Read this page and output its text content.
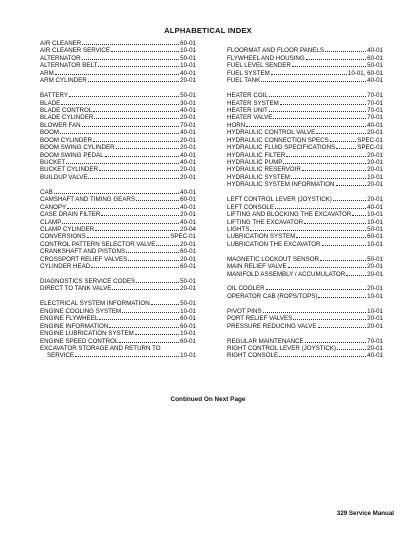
ALPHABETICAL INDEX
AIR CLEANER	60-01
AIR CLEANER SERVICE	10-01
ALTERNATOR	50-01
ALTERNATOR BELT	10-01
ARM	40-01
ARM CYLINDER	20-01
BATTERY	50-01
BLADE	30-01
BLADE CONTROL	40-01
BLADE CYLINDER	20-01
BLOWER FAN	70-01
BOOM	40-01
BOOM CYLINDER	20-01
BOOM SWING CYLINDER	20-01
BOOM SWING PEDAL	40-01
BUCKET	40-01
BUCKET CYLINDER	20-01
BUILDUP VALVE	20-01
CAB	40-01
CAMSHAFT AND TIMING GEARS	60-01
CANOPY	40-01
CASE DRAIN FILTER	20-01
CLAMP	40-01
CLAMP CYLINDER	20-04
CONVERSIONS	SPEC-01
CONTROL PATTERN SELECTOR VALVE	20-01
CRANKSHAFT AND PISTONS	60-01
CROSSPORT RELIEF VALVES	20-01
CYLINDER HEAD	60-01
DIAGNOSTICS SERVICE CODES	50-01
DIRECT TO TANK VALVE	20-01
ELECTRICAL SYSTEM INFORMATION	50-01
ENGINE COOLING SYSTEM	10-01
ENGINE FLYWHEEL	60-01
ENGINE INFORMATION	60-01
ENGINE LUBRICATION SYSTEM	10-01
ENGINE SPEED CONTROL	60-01
EXCAVATOR STORAGE AND RETURN TO
SERVICE	10-01
FLOORMAT AND FLOOR PANELS	40-01
FLYWHEEL AND HOUSING	60-01
FUEL LEVEL SENDER	50-01
FUEL SYSTEM	10-01, 60-01
FUEL TANK	40-01
HEATER COIL	70-01
HEATER SYSTEM	70-01
HEATER UNIT	70-01
HEATER VALVE	70-01
HORN	40-01
HYDRAULIC CONTROL VALVE	20-01
HYDRAULIC CONNECTION SPECS	SPEC-01
HYDRAULIC FLUID SPECIFICATIONS	SPEC-01
HYDRAULIC FILTER	20-01
HYDRAULIC PUMP	20-01
HYDRAULIC RESERVOIR	20-01
HYDRAULIC SYSTEM	10-01
HYDRAULIC SYSTEM INFORMATION	20-01
LEFT CONTROL LEVER (JOYSTICK)	20-01
LEFT CONSOLE	40-01
LIFTING AND BLOCKING THE EXCAVATOR	10-01
LIFTING THE EXCAVATOR	10-01
LIGHTS	50-01
LUBRICATION SYSTEM	60-01
LUBRICATION THE EXCAVATOR	10-01
MAGNETIC LOCKOUT SENSOR	50-01
MAIN RELIEF VALVE	20-01
MANIFOLD ASSEMBLY / ACCUMULATOR	20-01
OIL COOLER	20-01
OPERATOR CAB (ROPS/TOPS)	10-01
PIVOT PINS	10-01
PORT RELIEF VALVES	20-01
PRESSURE REDUCING VALVE	20-01
REGULAR MAINTENANCE	70-01
RIGHT CONTROL LEVER (JOYSTICK)	20-01
RIGHT CONSOLE	40-01
Continued On Next Page
329 Service Manual
